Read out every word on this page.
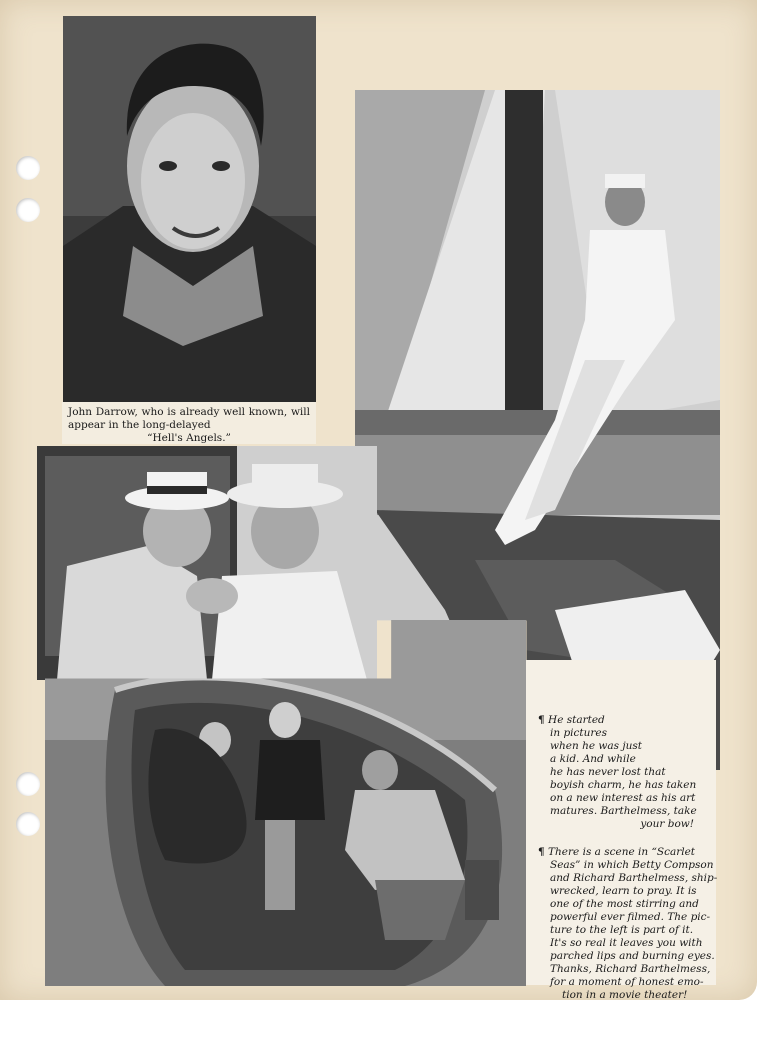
John Darrow, who is already well known, will appear in the long-delayed
“Hell's Angels.”
¶ He started
in pictures
when he was just
a kid. And while
he has never lost that
boyish charm, he has taken
on a new interest as his art
matures. Barthelmess, take
your bow!
¶ There is a scene in “Scarlet
Seas” in which Betty Compson
and Richard Barthelmess, ship-
wrecked, learn to pray. It is
one of the most stirring and
powerful ever filmed. The pic-
ture to the left is part of it.
It's so real it leaves you with
parched lips and burning eyes.
Thanks, Richard Barthelmess,
for a moment of honest emo-
tion in a movie theater!
